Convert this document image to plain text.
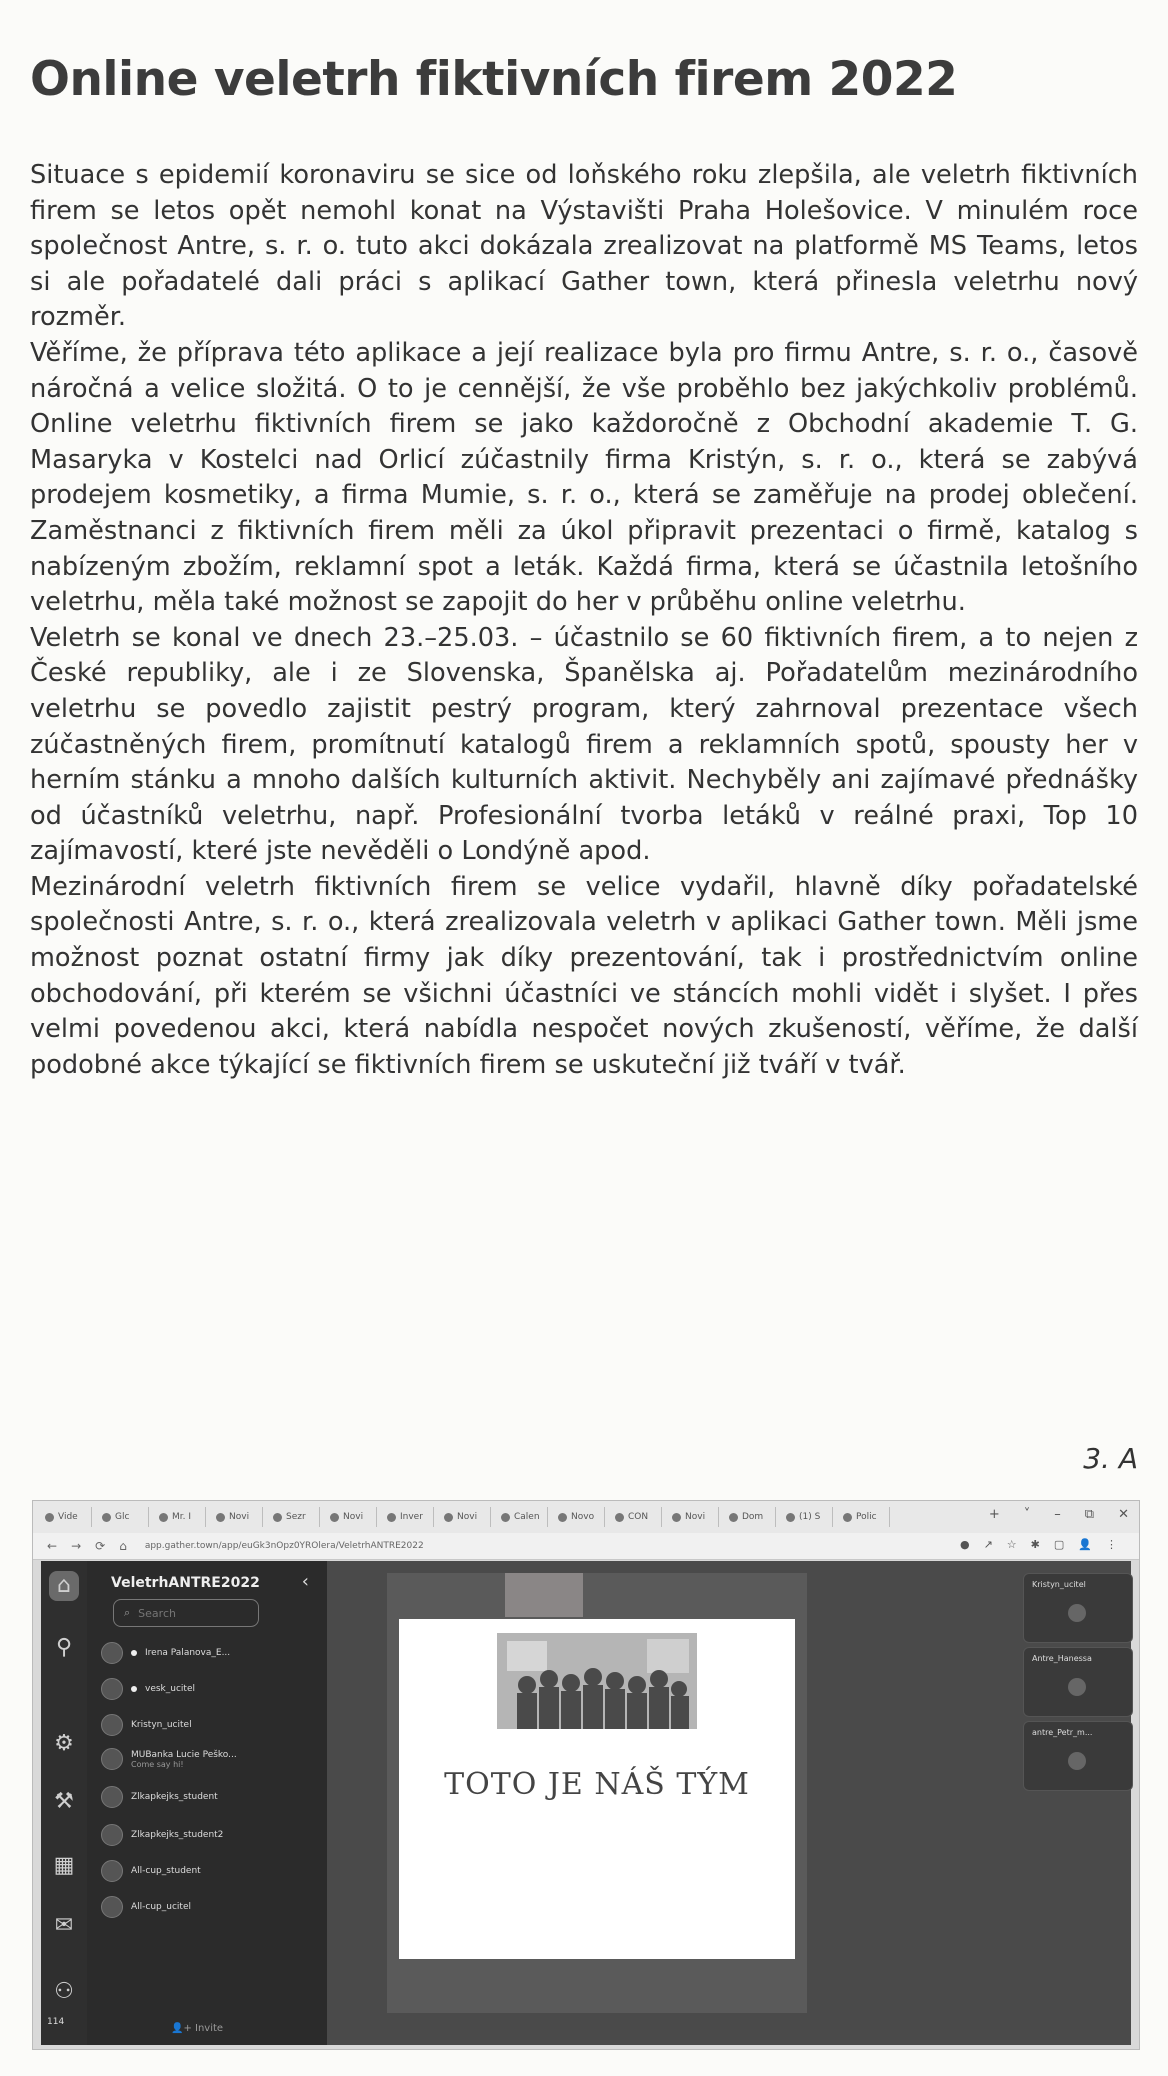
Online veletrh fiktivních firem 2022

Situace s epidemií koronaviru se sice od loňského roku zlepšila, ale veletrh fiktivních firem se letos opět nemohl konat na Výstavišti Praha Holešovice. V minulém roce společnost Antre, s. r. o. tuto akci dokázala zrealizovat na platformě MS Teams, letos si ale pořadatelé dali práci s aplikací Gather town, která přinesla veletrhu nový rozměr.

Věříme, že příprava této aplikace a její realizace byla pro firmu Antre, s. r. o., časově náročná a velice složitá. O to je cennější, že vše proběhlo bez jakýchkoliv problémů. Online veletrhu fiktivních firem se jako každoročně z Obchodní akademie T. G. Masaryka v Kostelci nad Orlicí zúčastnily firma Kristýn, s. r. o., která se zabývá prodejem kosmetiky, a firma Mumie, s. r. o., která se zaměřuje na prodej oblečení. Zaměstnanci z fiktivních firem měli za úkol připravit prezentaci o firmě, katalog s nabízeným zbožím, reklamní spot a leták. Každá firma, která se účastnila letošního veletrhu, měla také možnost se zapojit do her v průběhu online veletrhu.

Veletrh se konal ve dnech 23.–25.03. – účastnilo se 60 fiktivních firem, a to nejen z České republiky, ale i ze Slovenska, Španělska aj. Pořadatelům mezinárodního veletrhu se povedlo zajistit pestrý program, který zahrnoval prezentace všech zúčastněných firem, promítnutí katalogů firem a reklamních spotů, spousty her v herním stánku a mnoho dalších kulturních aktivit. Nechyběly ani zajímavé přednášky od účastníků veletrhu, např. Profesionální tvorba letáků v reálné praxi, Top 10 zajímavostí, které jste nevěděli o Londýně apod.

Mezinárodní veletrh fiktivních firem se velice vydařil, hlavně díky pořadatelské společnosti Antre, s. r. o., která zrealizovala veletrh v aplikaci Gather town. Měli jsme možnost poznat ostatní firmy jak díky prezentování, tak i prostřednictvím online obchodování, při kterém se všichni účastníci ve stáncích mohli vidět i slyšet. I přes velmi povedenou akci, která nabídla nespočet nových zkušeností, věříme, že další podobné akce týkající se fiktivních firem se uskuteční již tváří v tvář.

3. A
Vide	Glc	Mr. I	Novi	Sezr	Novi	Inver	Novi	Calen	Novo	CON	Novi	Dom	(1) S	Polic	+ ˅ – ⧉ ✕
← → ⟳ ⌂ app.gather.town/app/euGk3nOpz0YROlera/VeletrhANTRE2022	● ↗ ☆ ✱ ▢ 👤 ⋮
⌂
⚲
⚙
⚒
▦
✉
⚇
114
VeletrhANTRE2022 ‹
⌕
Search
Irena Palanova_E...
vesk_ucitel
Kristyn_ucitel
MUBanka Lucie Peško...
Come say hi!
Zlkapkejks_student
Zlkapkejks_student2
All-cup_student
All-cup_ucitel
👤+ Invite
TOTO JE NÁŠ TÝM
Kristyn_ucitel
Antre_Hanessa
antre_Petr_m...
